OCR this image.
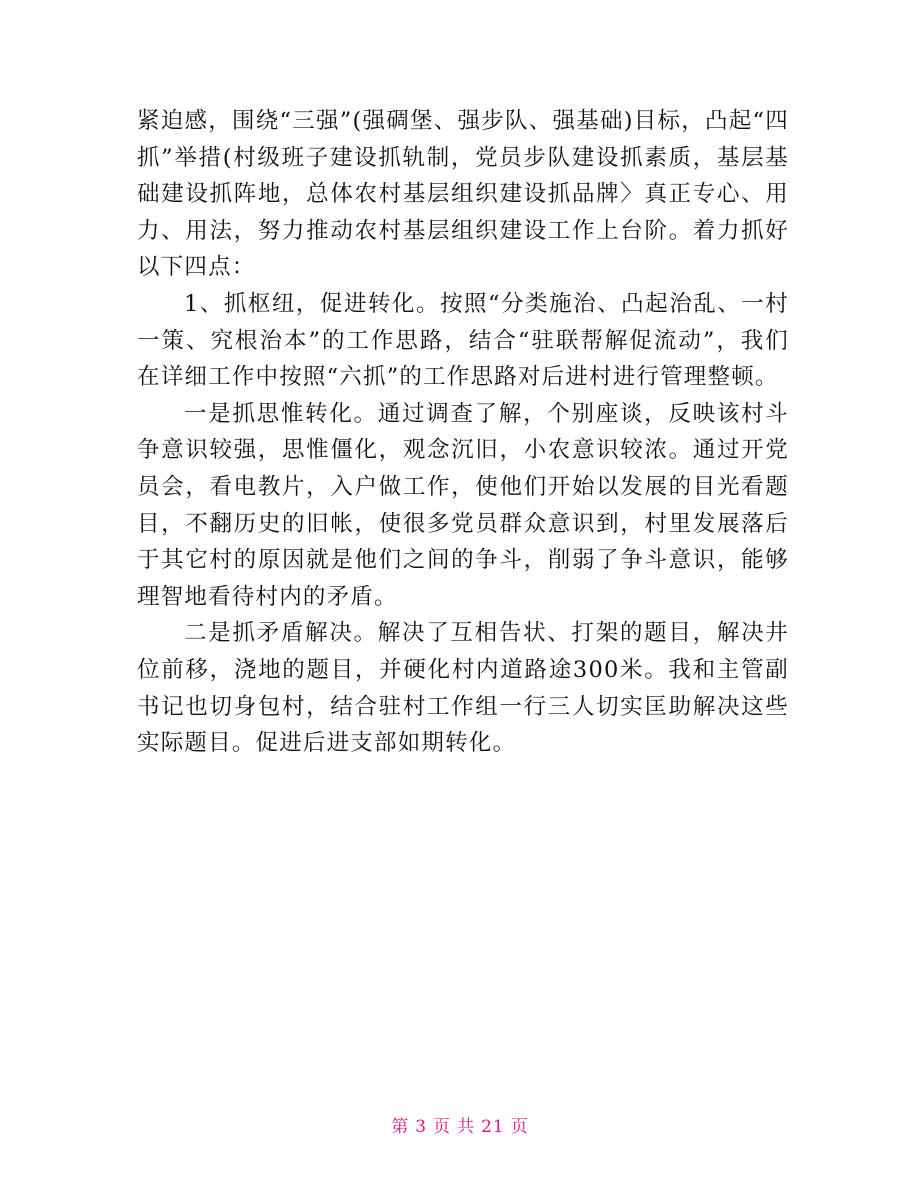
紧迫感，围绕“三强”(强碉堡、强步队、强基础)目标，凸起“四抓”举措(村级班子建设抓轨制，党员步队建设抓素质，基层基础建设抓阵地，总体农村基层组织建设抓品牌〉真正专心、用力、用法，努力推动农村基层组织建设工作上台阶。着力抓好以下四点：

1、抓枢纽，促进转化。按照“分类施治、凸起治乱、一村一策、究根治本”的工作思路，结合“驻联帮解促流动”，我们在详细工作中按照“六抓”的工作思路对后进村进行管理整顿。

一是抓思惟转化。通过调查了解，个别座谈，反映该村斗争意识较强，思惟僵化，观念沉旧，小农意识较浓。通过开党员会，看电教片，入户做工作，使他们开始以发展的目光看题目，不翻历史的旧帐，使很多党员群众意识到，村里发展落后于其它村的原因就是他们之间的争斗，削弱了争斗意识，能够理智地看待村内的矛盾。

二是抓矛盾解决。解决了互相告状、打架的题目，解决井位前移，浇地的题目，并硬化村内道路途300米。我和主管副书记也切身包村，结合驻村工作组一行三人切实匡助解决这些实际题目。促进后进支部如期转化。

第 3 页 共 21 页
